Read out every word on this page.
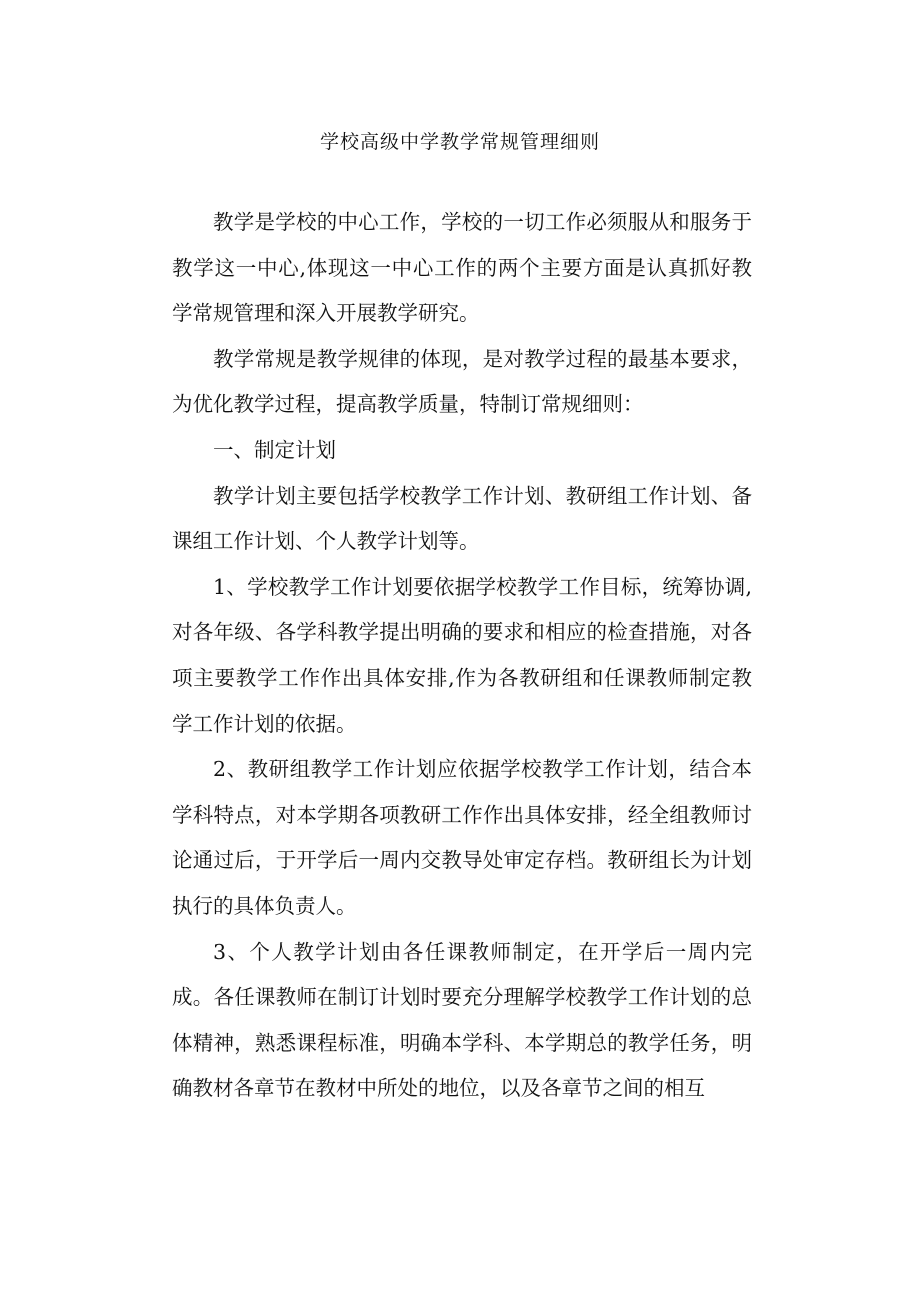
学校高级中学教学常规管理细则

教学是学校的中心工作，学校的一切工作必须服从和服务于教学这一中心,体现这一中心工作的两个主要方面是认真抓好教学常规管理和深入开展教学研究。

教学常规是教学规律的体现，是对教学过程的最基本要求，为优化教学过程，提高教学质量，特制订常规细则：

一、制定计划

教学计划主要包括学校教学工作计划、教研组工作计划、备课组工作计划、个人教学计划等。

1、学校教学工作计划要依据学校教学工作目标，统筹协调,对各年级、各学科教学提出明确的要求和相应的检查措施，对各项主要教学工作作出具体安排,作为各教研组和任课教师制定教学工作计划的依据。

2、教研组教学工作计划应依据学校教学工作计划，结合本学科特点，对本学期各项教研工作作出具体安排，经全组教师讨论通过后，于开学后一周内交教导处审定存档。教研组长为计划执行的具体负责人。

3、个人教学计划由各任课教师制定，在开学后一周内完成。各任课教师在制订计划时要充分理解学校教学工作计划的总体精神，熟悉课程标准，明确本学科、本学期总的教学任务，明确教材各章节在教材中所处的地位，以及各章节之间的相互
